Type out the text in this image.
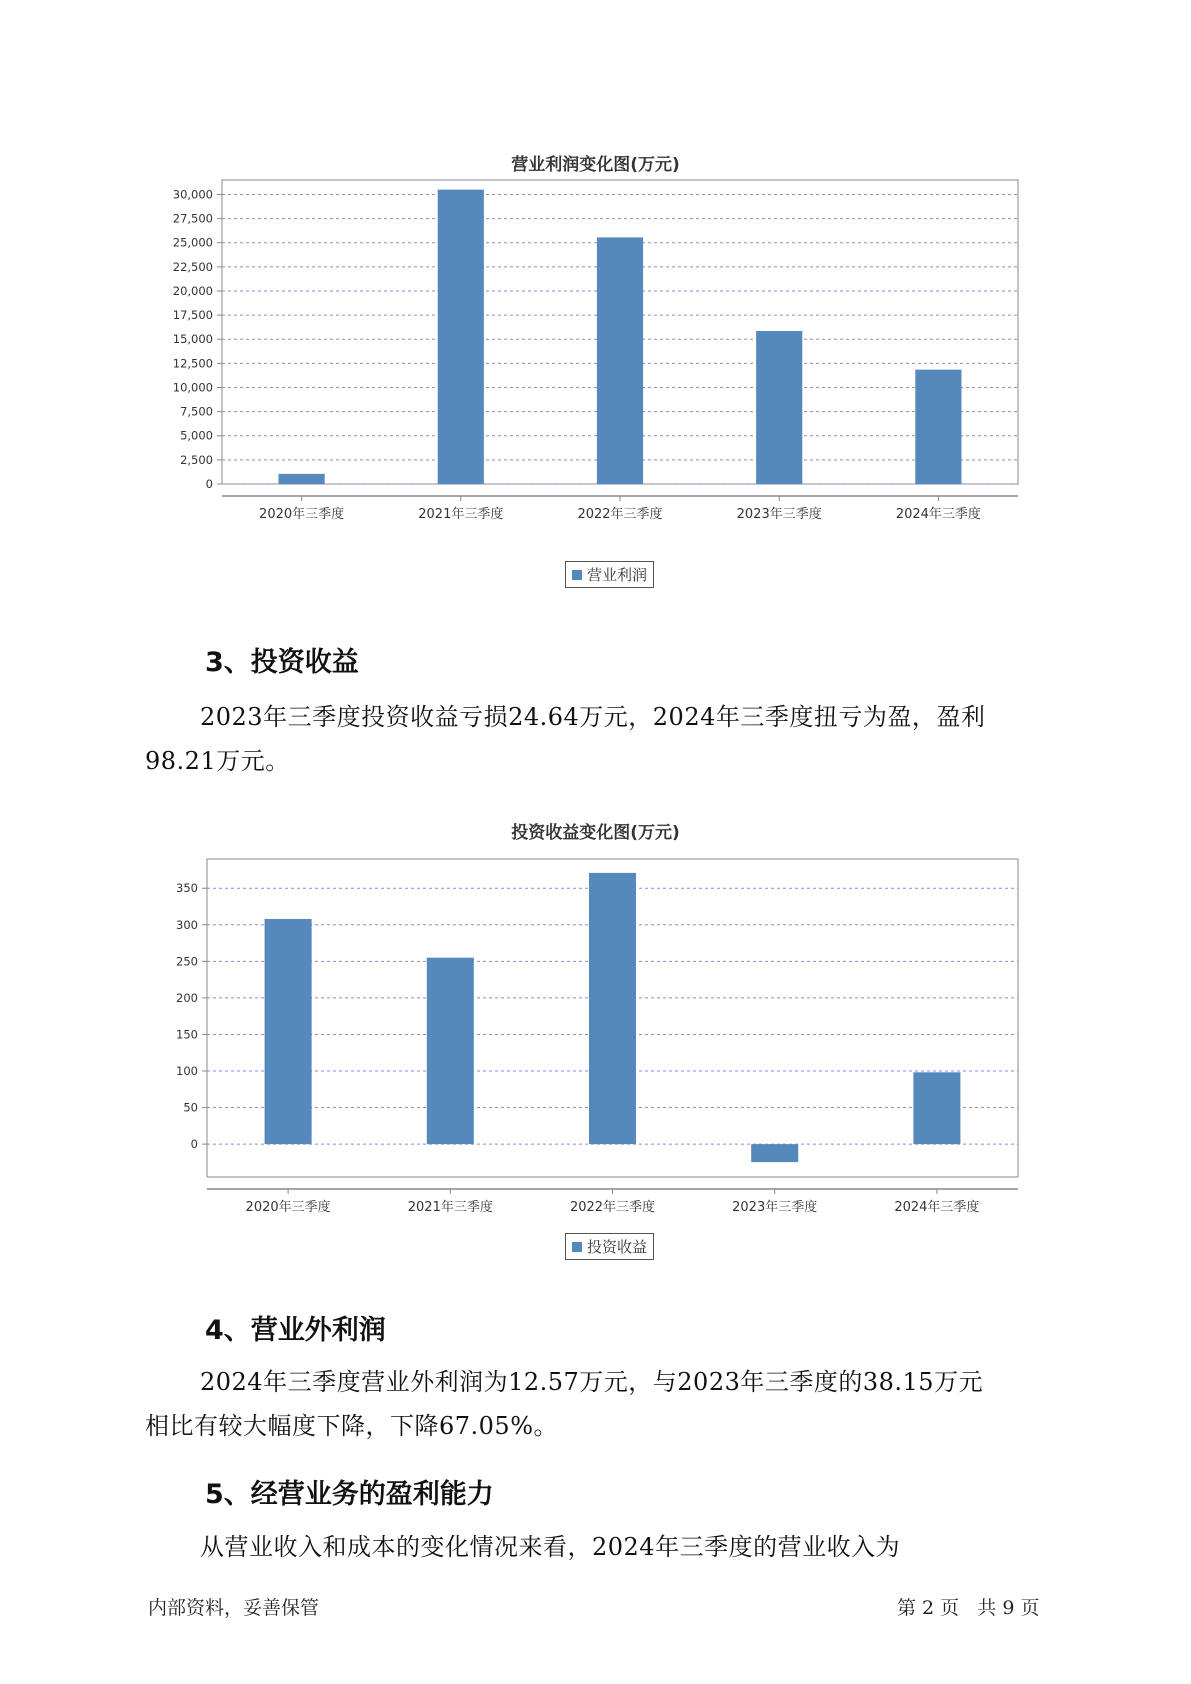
营业利润变化图(万元)
0
2,500
5,000
7,500
10,000
12,500
15,000
17,500
20,000
22,500
25,000
27,500
30,000
2020年三季度	2021年三季度	2022年三季度	2023年三季度	2024年三季度
营业利润
3、投资收益
2023年三季度投资收益亏损24.64万元，2024年三季度扭亏为盈，盈利
98.21万元。
投资收益变化图(万元)
0
50
100
150
200
250
300
350
2020年三季度	2021年三季度	2022年三季度	2023年三季度	2024年三季度
投资收益
4、营业外利润
2024年三季度营业外利润为12.57万元，与2023年三季度的38.15万元
相比有较大幅度下降，下降67.05%。
5、经营业务的盈利能力
从营业收入和成本的变化情况来看，2024年三季度的营业收入为
内部资料，妥善保管	第 2 页   共 9 页
